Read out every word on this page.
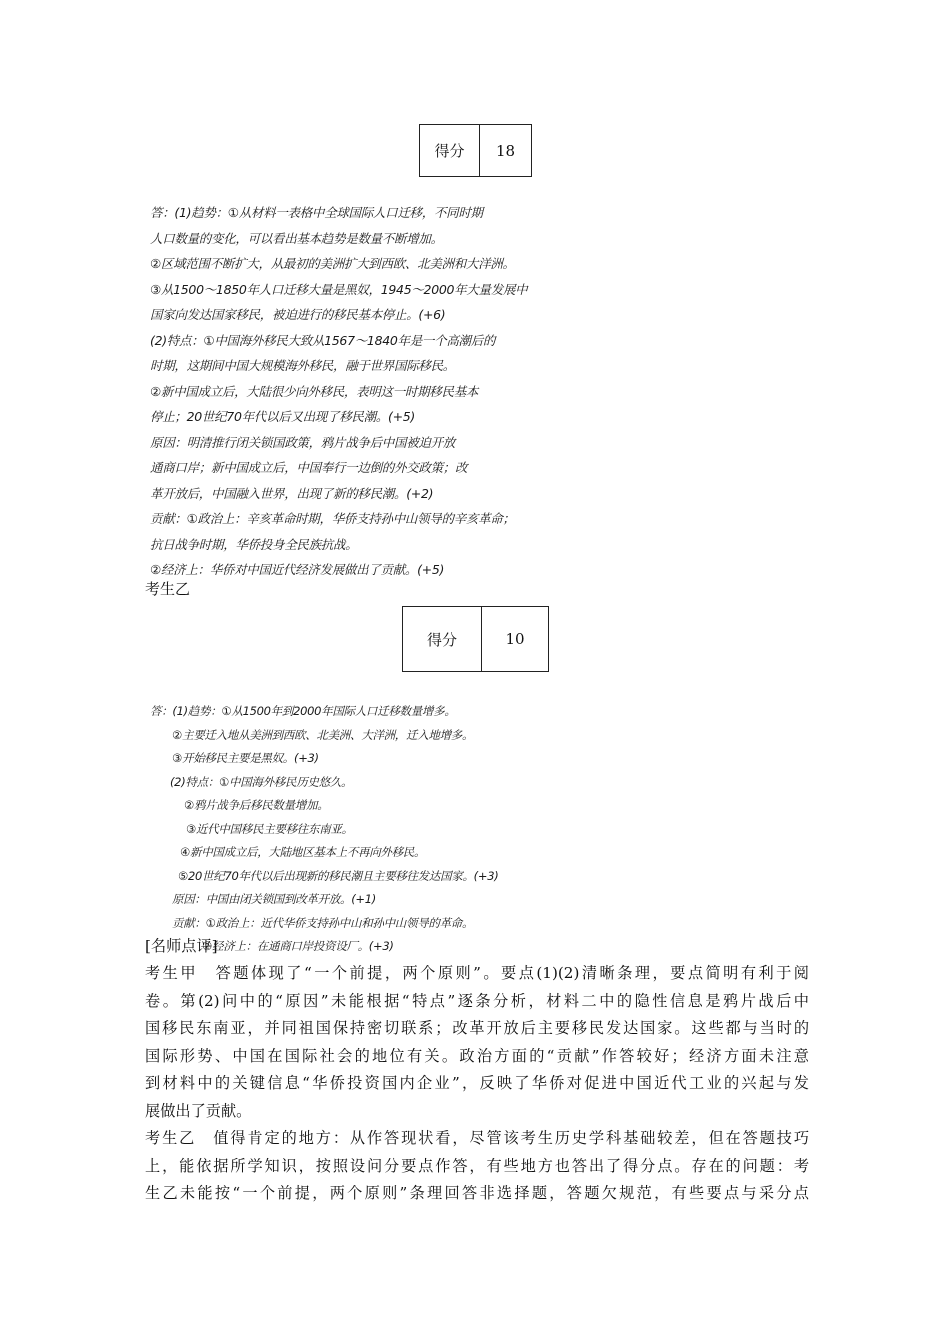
得分	18
答：(1)趋势：①从材料一表格中全球国际人口迁移，不同时期
人口数量的变化，可以看出基本趋势是数量不断增加。
②区域范围不断扩大，从最初的美洲扩大到西欧、北美洲和大洋洲。
③从1500～1850年人口迁移大量是黑奴，1945～2000年大量发展中
国家向发达国家移民，被迫进行的移民基本停止。(+6)
(2)特点：①中国海外移民大致从1567～1840年是一个高潮后的
时期，这期间中国大规模海外移民，融于世界国际移民。
②新中国成立后，大陆很少向外移民，表明这一时期移民基本
停止；20世纪70年代以后又出现了移民潮。(+5)
原因：明清推行闭关锁国政策，鸦片战争后中国被迫开放
通商口岸；新中国成立后，中国奉行一边倒的外交政策；改
革开放后，中国融入世界，出现了新的移民潮。(+2)
贡献：①政治上：辛亥革命时期，华侨支持孙中山领导的辛亥革命；
抗日战争时期，华侨投身全民族抗战。
②经济上：华侨对中国近代经济发展做出了贡献。(+5)
考生乙
得分	10
答：(1)趋势：①从1500年到2000年国际人口迁移数量增多。
②主要迁入地从美洲到西欧、北美洲、大洋洲，迁入地增多。
③开始移民主要是黑奴。(+3)
(2)特点：①中国海外移民历史悠久。
②鸦片战争后移民数量增加。
③近代中国移民主要移往东南亚。
④新中国成立后，大陆地区基本上不再向外移民。
⑤20世纪70年代以后出现新的移民潮且主要移往发达国家。(+3)
原因：中国由闭关锁国到改革开放。(+1)
贡献：①政治上：近代华侨支持孙中山和孙中山领导的革命。
②经济上：在通商口岸投资设厂。(+3)
[名师点评]
考生甲　答题体现了“一个前提，两个原则”。要点(1)(2)清晰条理，要点简明有利于阅
卷。第(2)问中的“原因”未能根据“特点”逐条分析，材料二中的隐性信息是鸦片战后中
国移民东南亚，并同祖国保持密切联系；改革开放后主要移民发达国家。这些都与当时的
国际形势、中国在国际社会的地位有关。政治方面的“贡献”作答较好；经济方面未注意
到材料中的关键信息“华侨投资国内企业”，反映了华侨对促进中国近代工业的兴起与发
展做出了贡献。
考生乙　值得肯定的地方：从作答现状看，尽管该考生历史学科基础较差，但在答题技巧
上，能依据所学知识，按照设问分要点作答，有些地方也答出了得分点。存在的问题：考
生乙未能按“一个前提，两个原则”条理回答非选择题，答题欠规范，有些要点与采分点
